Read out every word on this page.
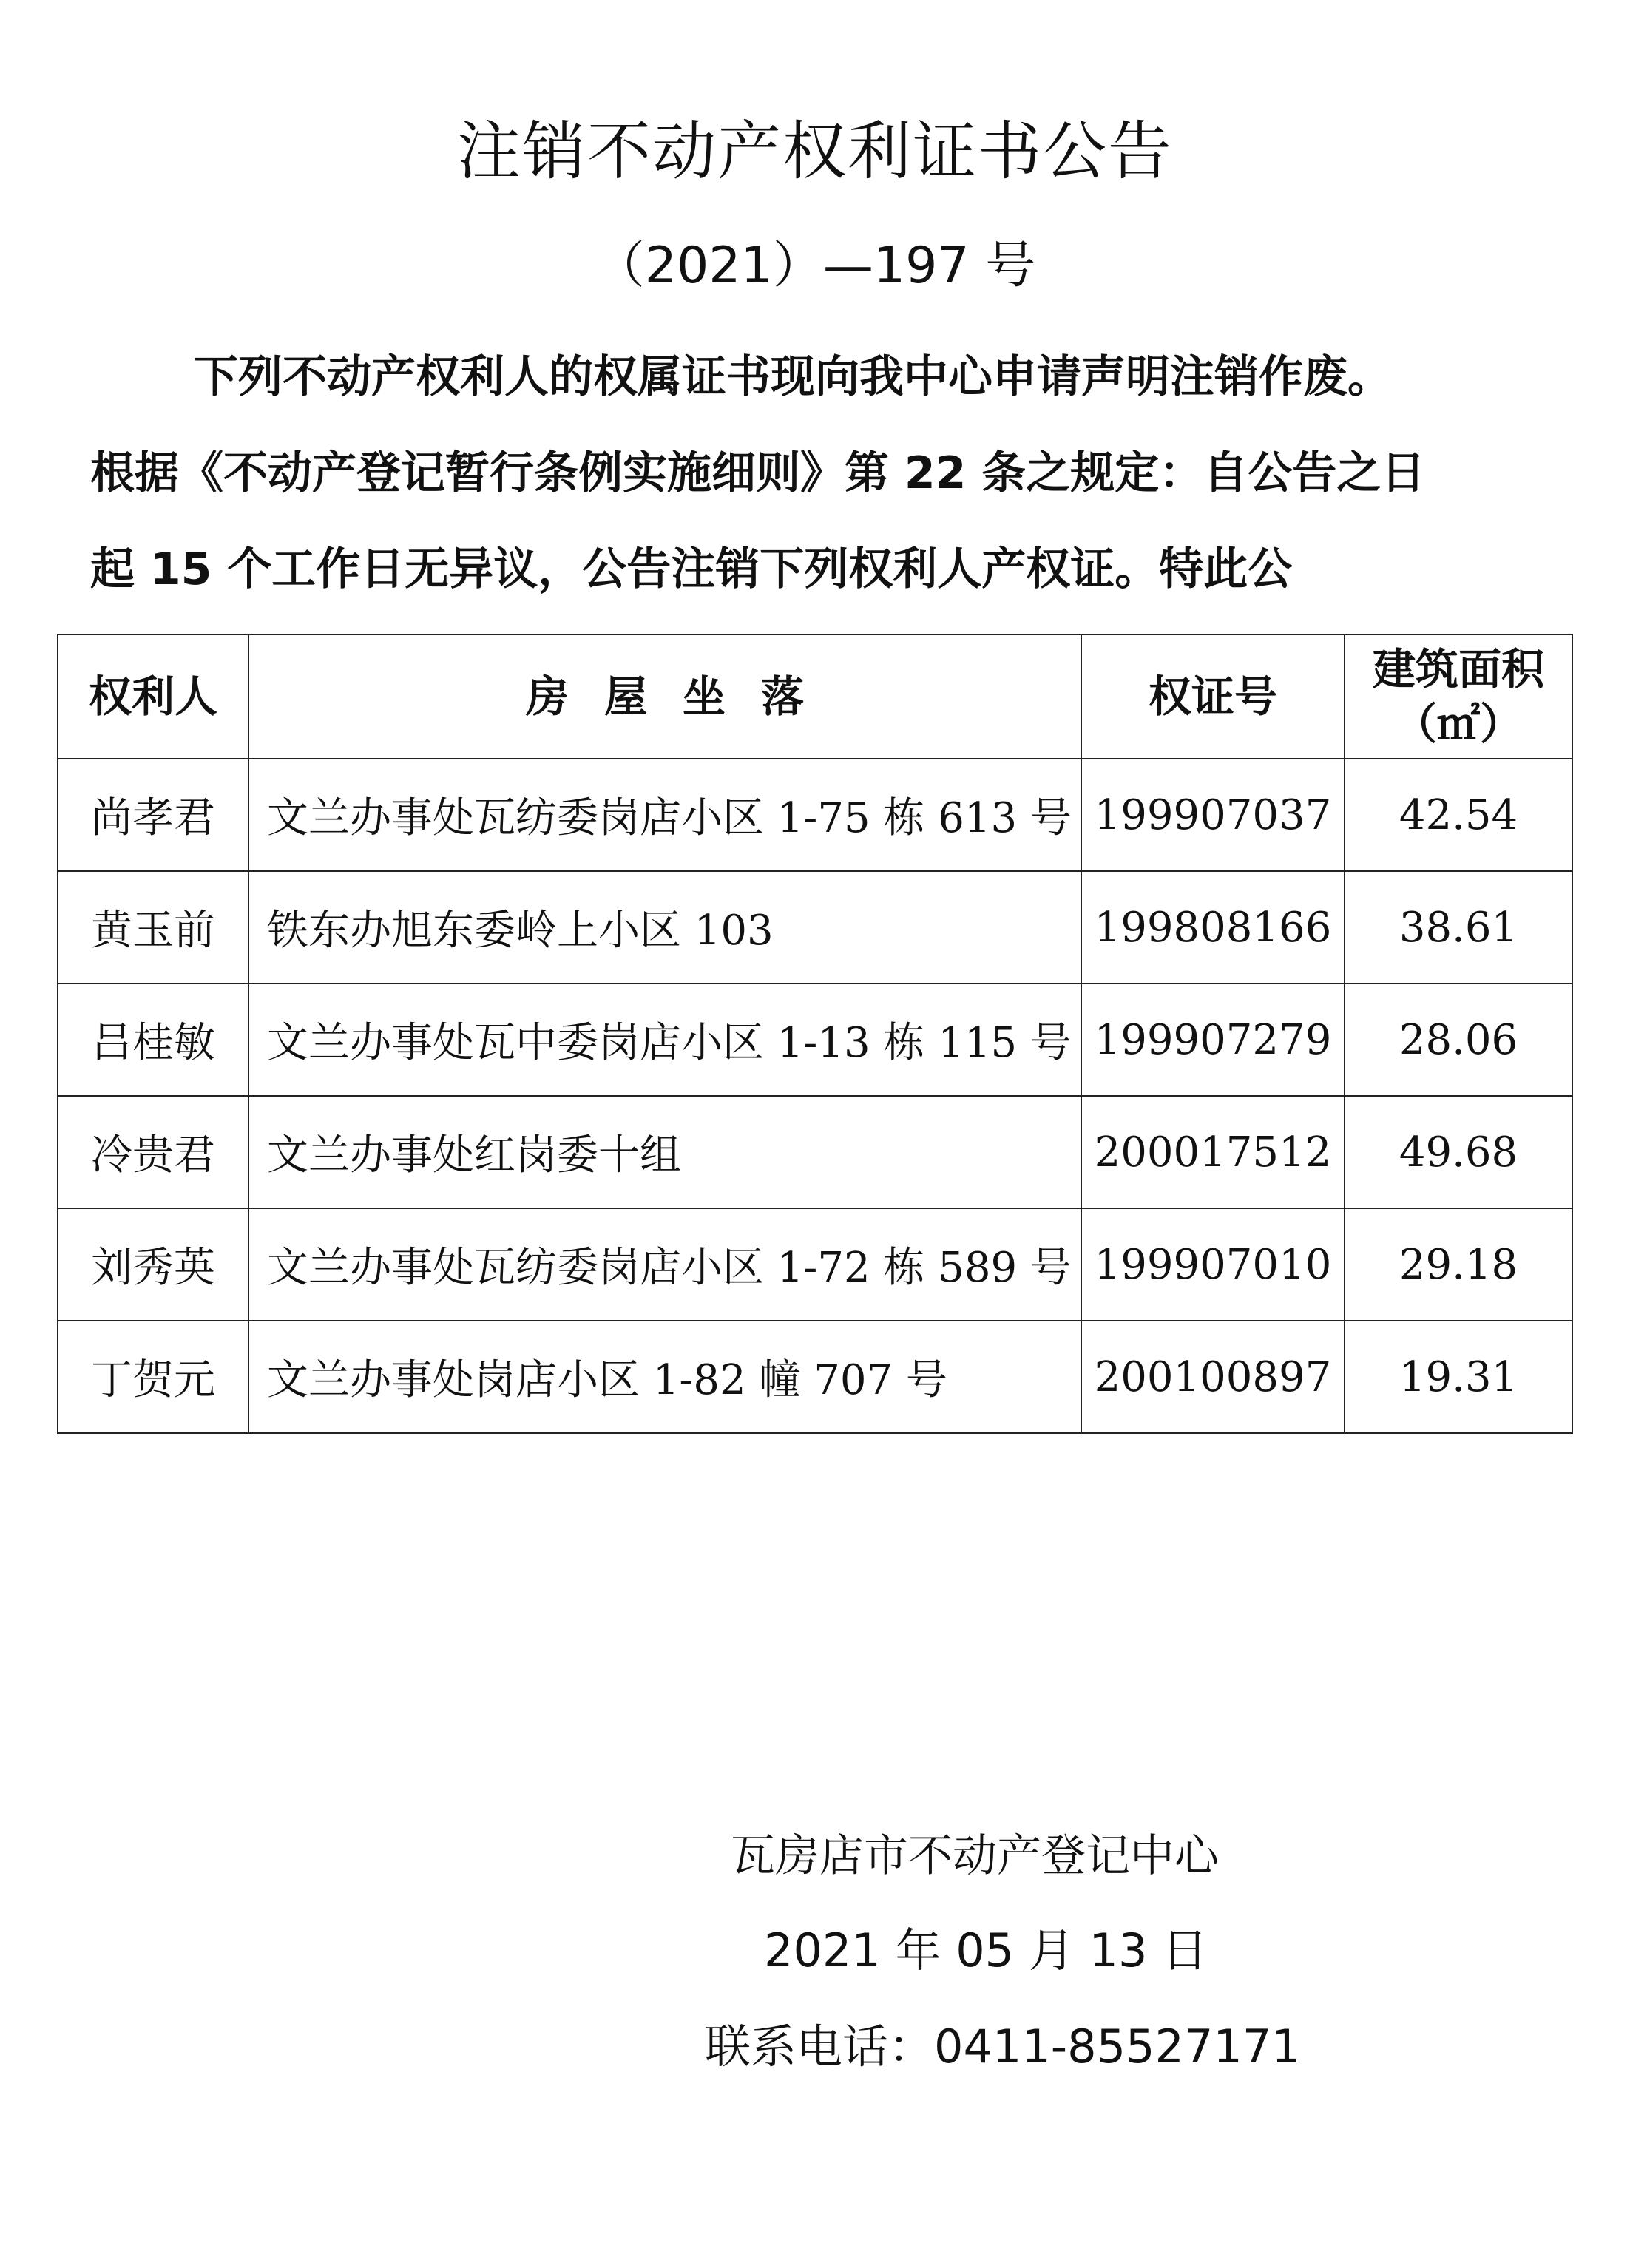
注销不动产权利证书公告
（2021）—197 号
下列不动产权利人的权属证书现向我中心申请声明注销作废。
根据《不动产登记暂行条例实施细则》第 22 条之规定：自公告之日
起 15 个工作日无异议，公告注销下列权利人产权证。特此公
权利人	房屋坐落	权证号	建筑面积
（㎡）

尚孝君	文兰办事处瓦纺委岗店小区 1-75 栋 613 号	199907037	42.54
黄玉前	铁东办旭东委岭上小区 103	199808166	38.61
吕桂敏	文兰办事处瓦中委岗店小区 1-13 栋 115 号	199907279	28.06
冷贵君	文兰办事处红岗委十组	200017512	49.68
刘秀英	文兰办事处瓦纺委岗店小区 1-72 栋 589 号	199907010	29.18
丁贺元	文兰办事处岗店小区 1-82 幢 707 号	200100897	19.31
瓦房店市不动产登记中心
2021 年 05 月 13 日
联系电话：0411-85527171
